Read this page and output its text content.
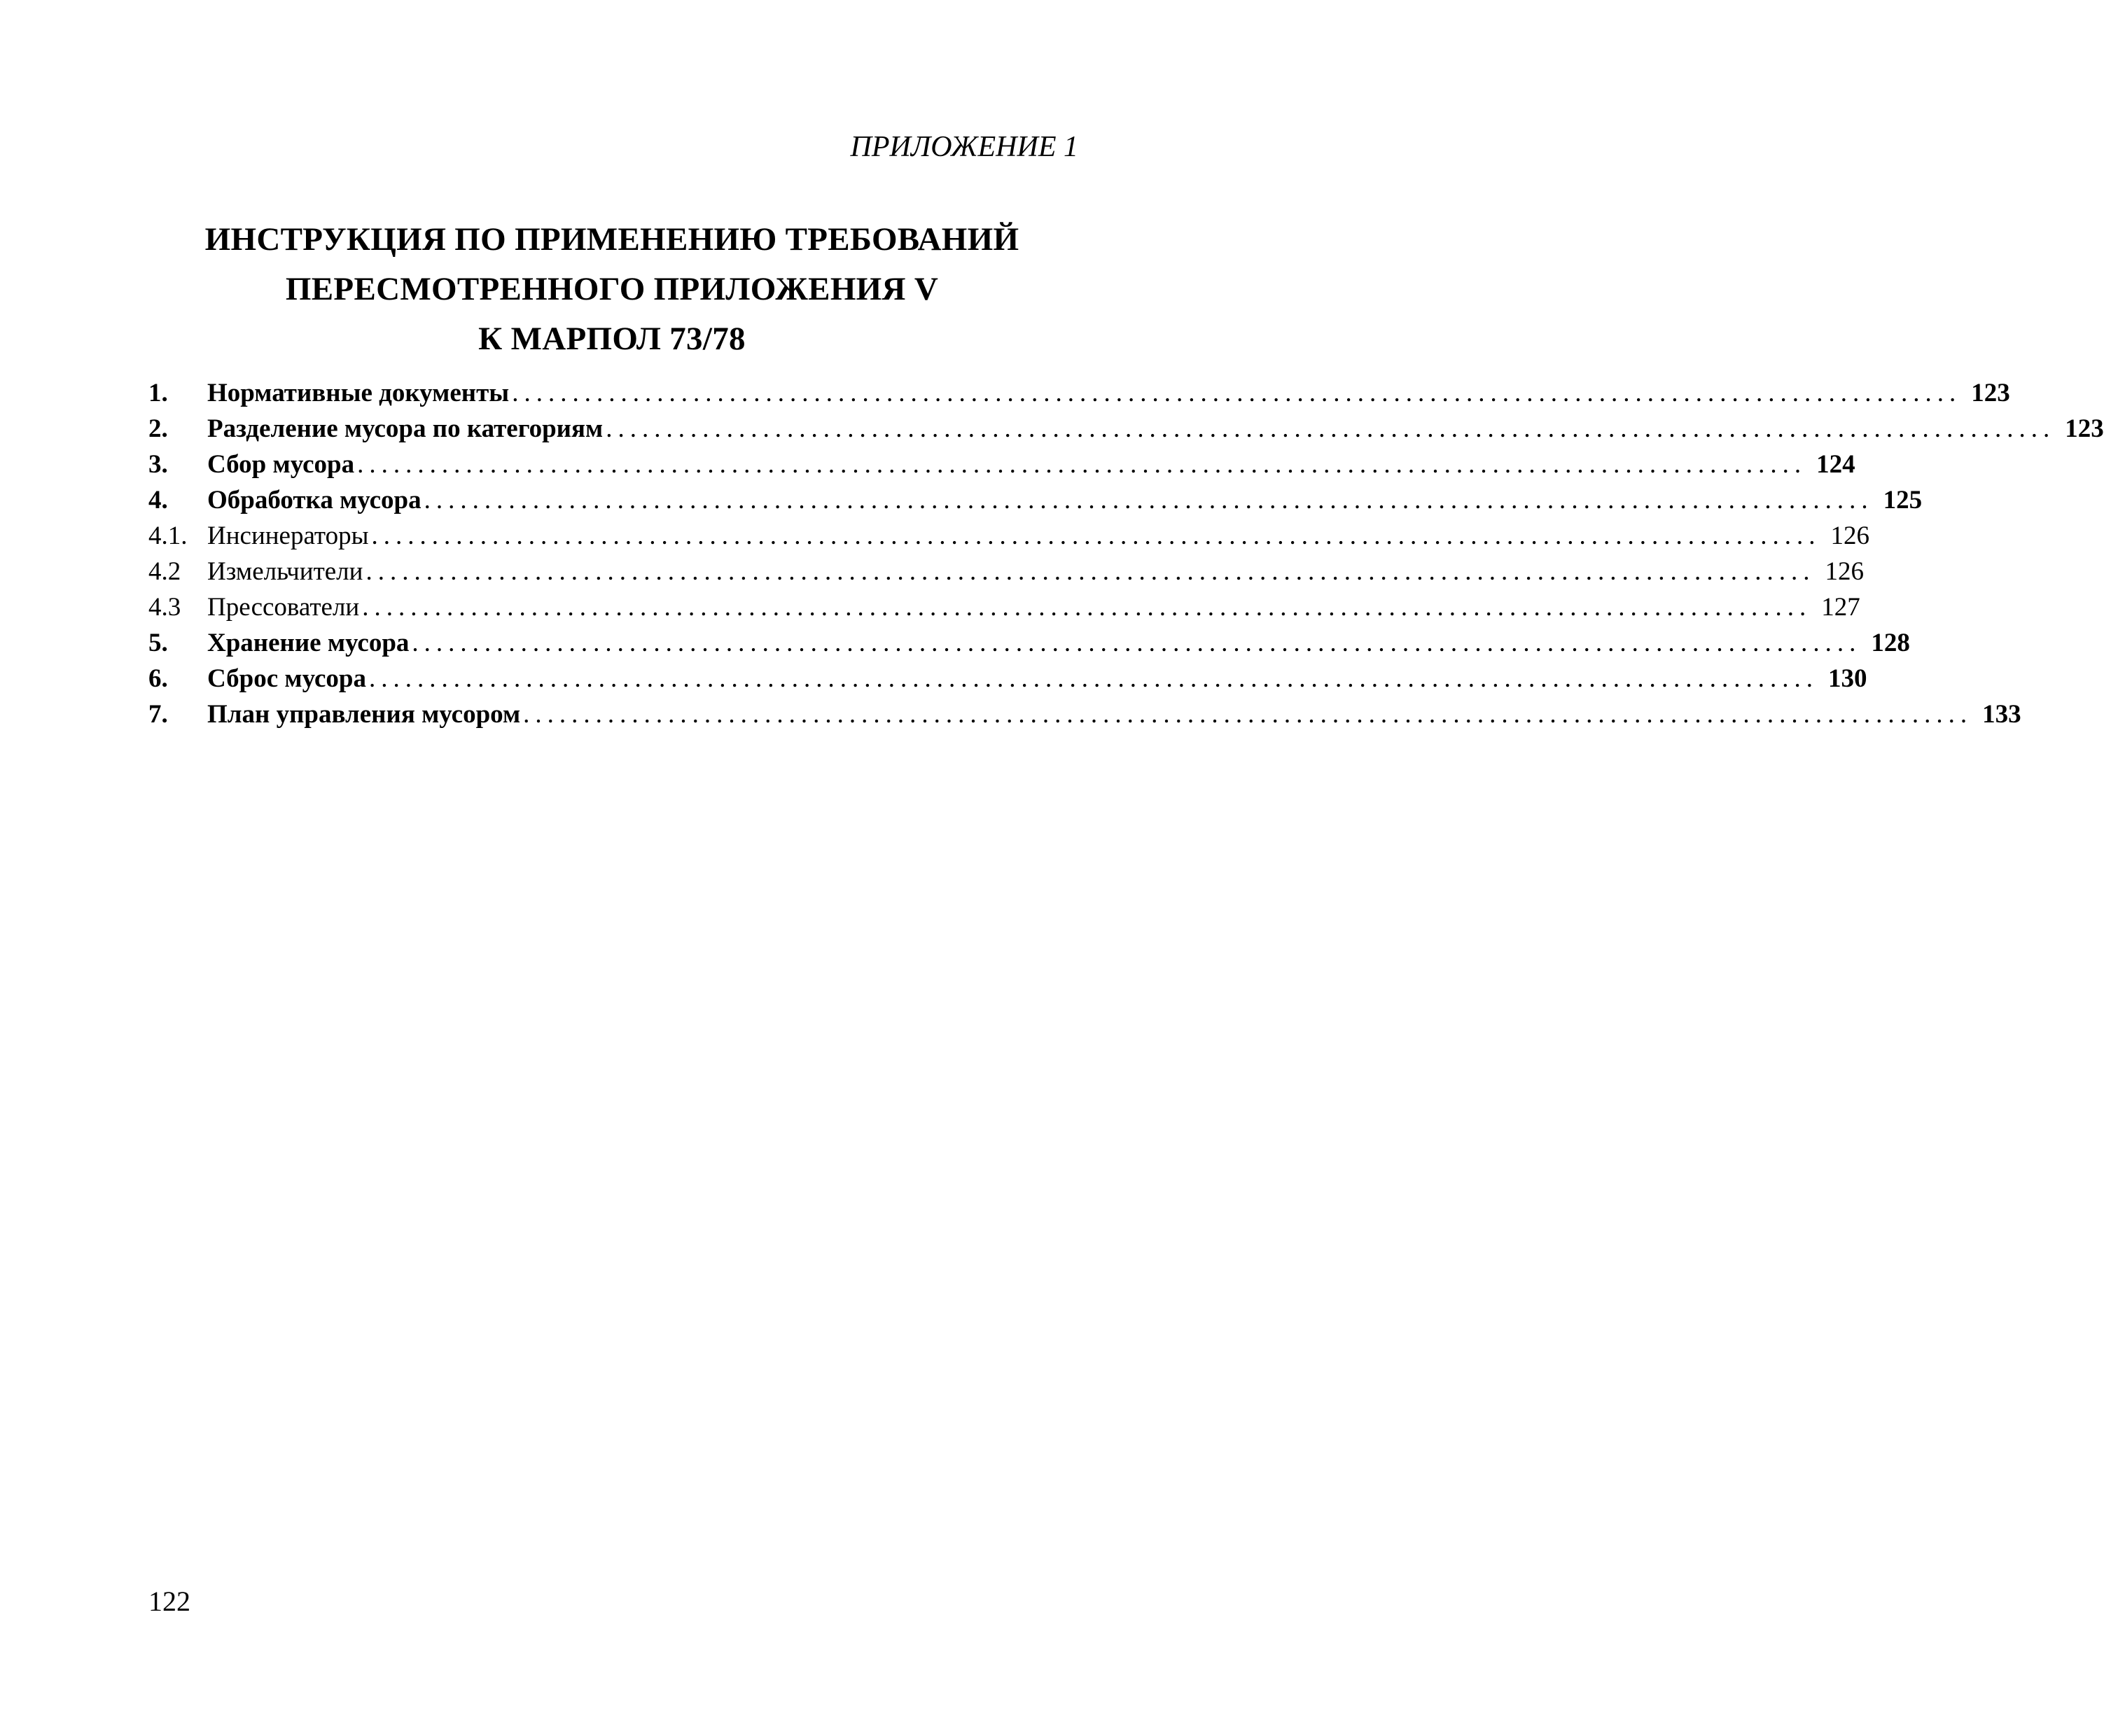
ПРИЛОЖЕНИЕ 1
ИНСТРУКЦИЯ ПО ПРИМЕНЕНИЮ ТРЕБОВАНИЙ
ПЕРЕСМОТРЕННОГО ПРИЛОЖЕНИЯ V
К МАРПОЛ 73/78
1.	Нормативные документы ........................................................................................................................ 123
2.	Разделение мусора по категориям ........................................................................................................................ 123
3.	Сбор мусора ........................................................................................................................ 124
4.	Обработка мусора ........................................................................................................................ 125
4.1. Инсинераторы ........................................................................................................................ 126
4.2	Измельчители ........................................................................................................................ 126
4.3	Прессователи ........................................................................................................................ 127
5.	Хранение мусора ........................................................................................................................ 128
6.	Сброс мусора ........................................................................................................................ 130
7.	План управления мусором ........................................................................................................................ 133
122
